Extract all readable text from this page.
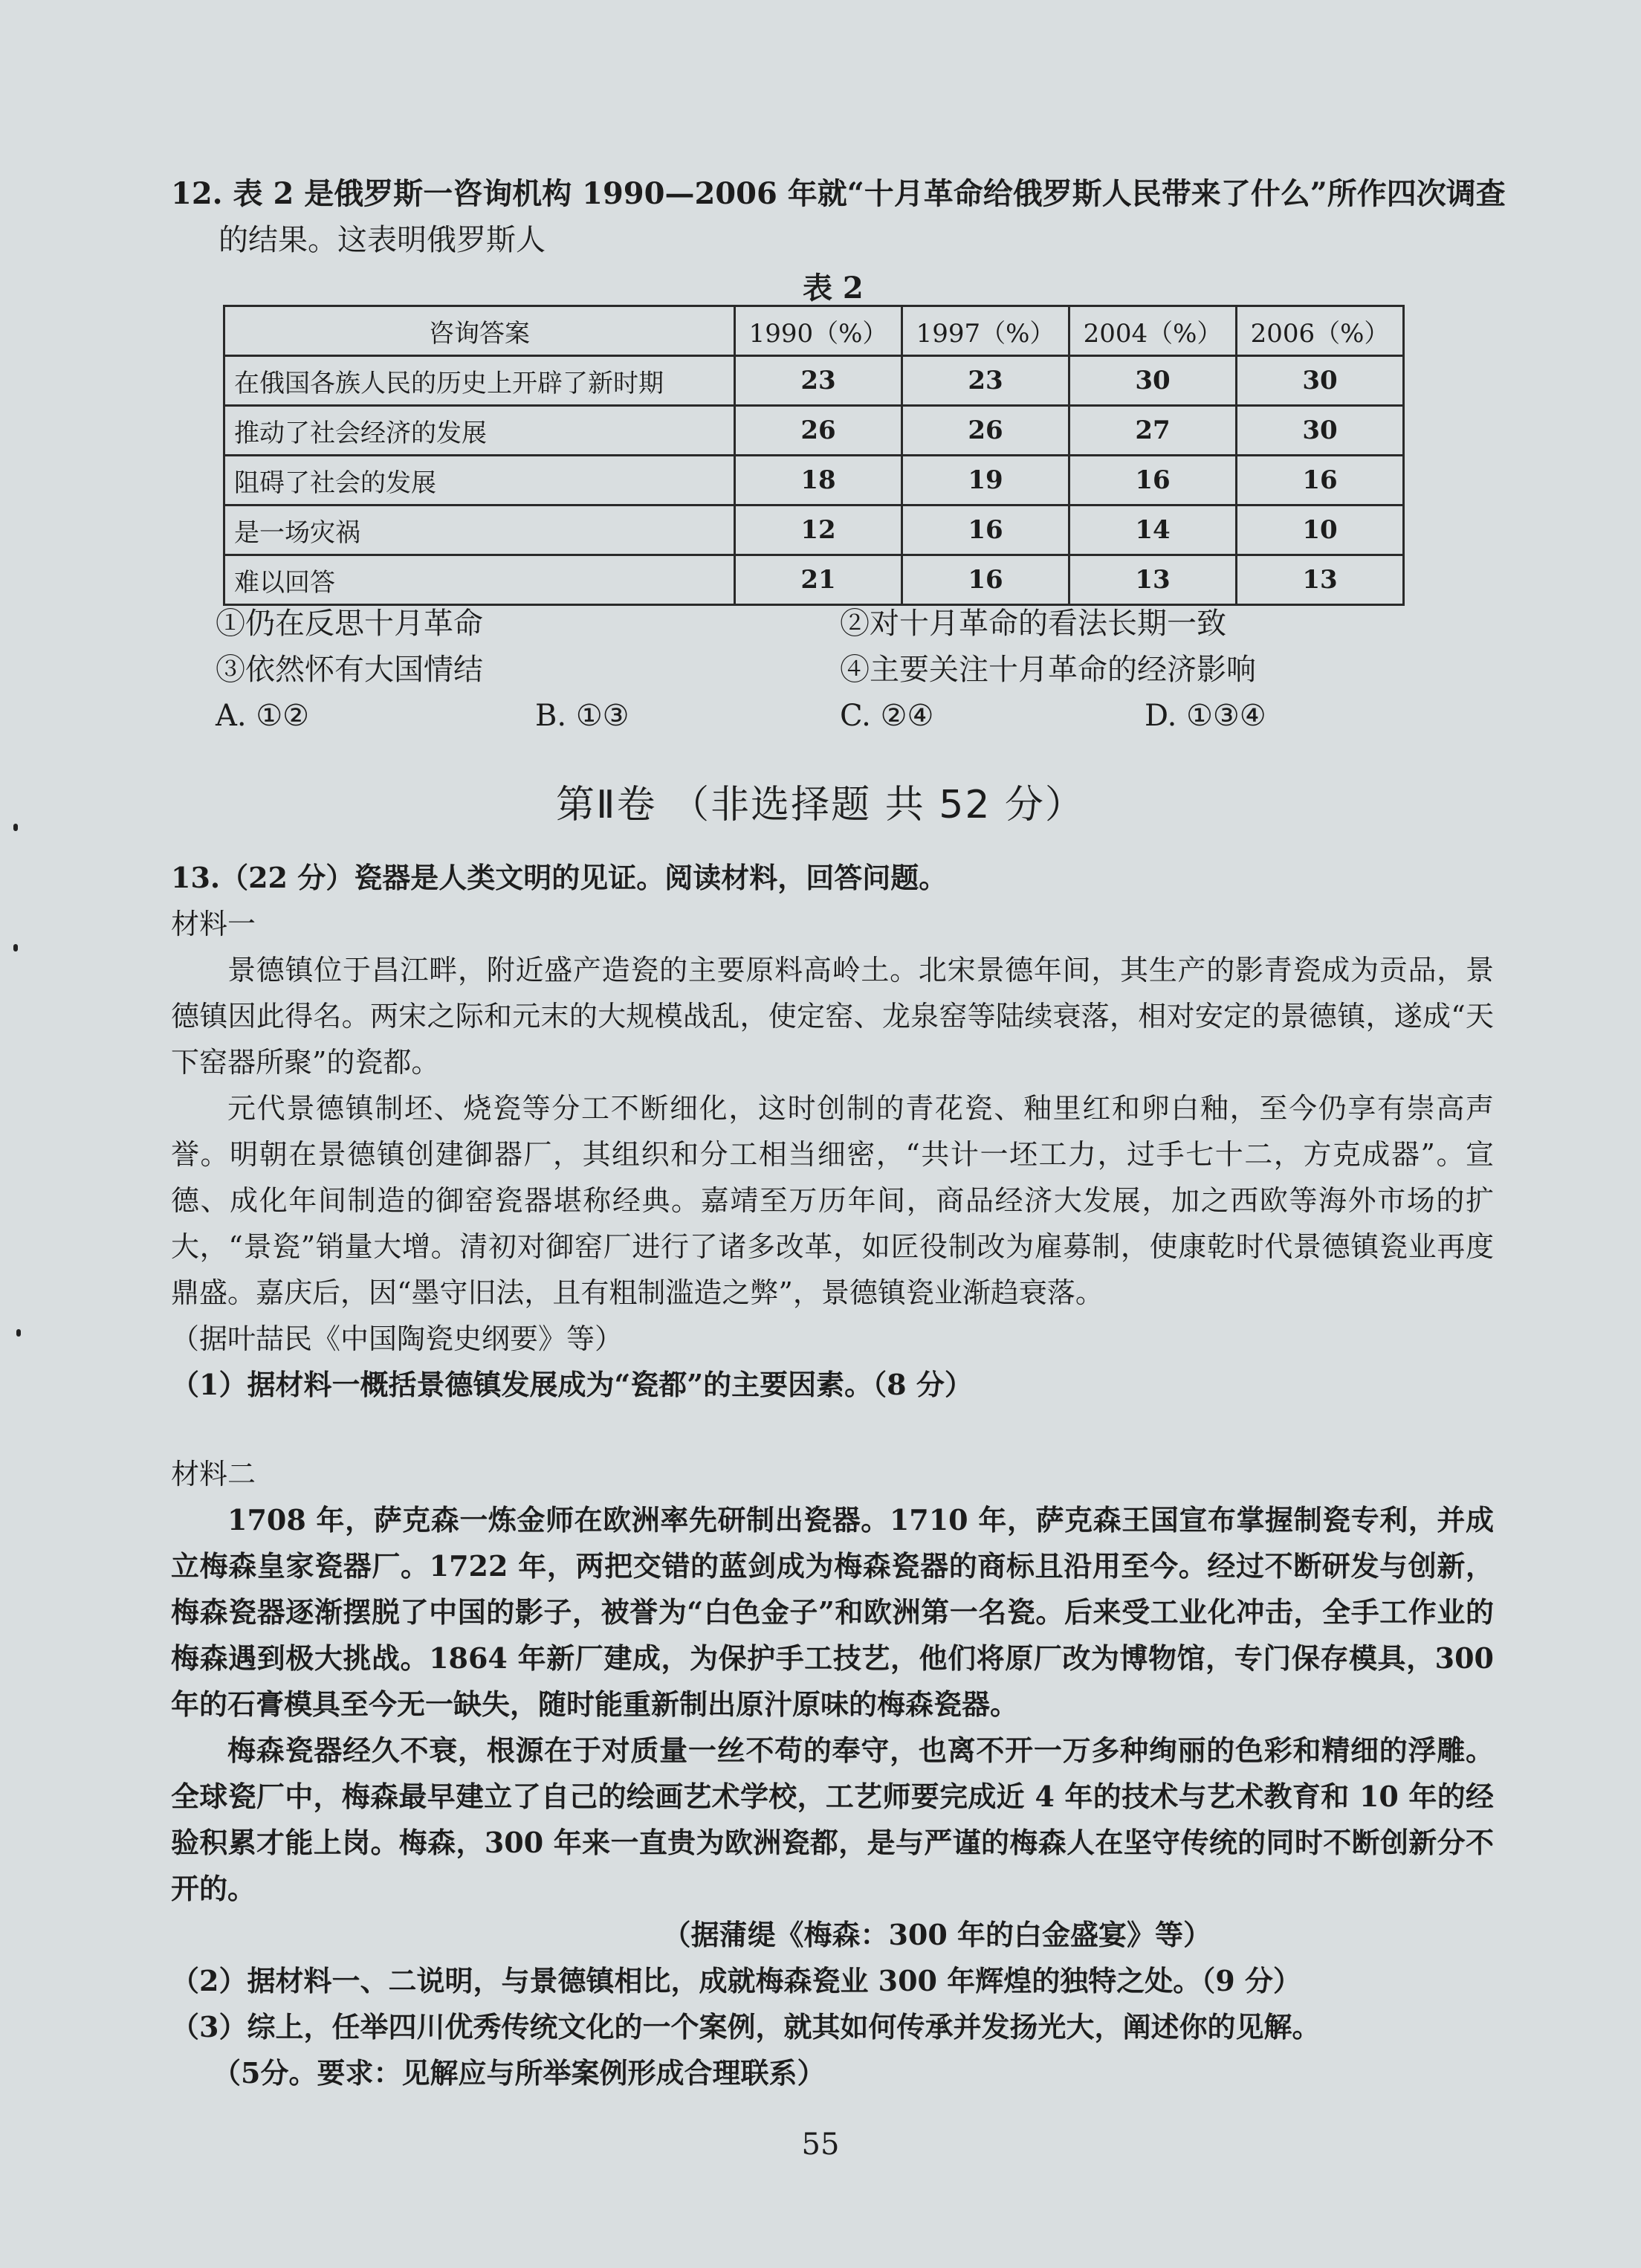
12. 表 2 是俄罗斯一咨询机构 1990—2006 年就“十月革命给俄罗斯人民带来了什么”所作四次调查
的结果。这表明俄罗斯人
表 2
咨询答案	1990（%）	1997（%）	2004（%）	2006（%）
在俄国各族人民的历史上开辟了新时期	23	23	30	30
推动了社会经济的发展	26	26	27	30
阻碍了社会的发展	18	19	16	16
是一场灾祸	12	16	14	10
难以回答	21	16	13	13
①仍在反思十月革命	②对十月革命的看法长期一致
③依然怀有大国情结	④主要关注十月革命的经济影响
A. ①②	B. ①③	C. ②④	D. ①③④
第Ⅱ卷 （非选择题 共 52 分）
13.（22 分）瓷器是人类文明的见证。阅读材料，回答问题。
材料一

景德镇位于昌江畔，附近盛产造瓷的主要原料高岭土。北宋景德年间，其生产的影青瓷成为贡品，景德镇因此得名。两宋之际和元末的大规模战乱，使定窑、龙泉窑等陆续衰落，相对安定的景德镇，遂成“天下窑器所聚”的瓷都。

元代景德镇制坯、烧瓷等分工不断细化，这时创制的青花瓷、釉里红和卵白釉，至今仍享有崇高声誉。明朝在景德镇创建御器厂，其组织和分工相当细密，“共计一坯工力，过手七十二，方克成器”。宣德、成化年间制造的御窑瓷器堪称经典。嘉靖至万历年间，商品经济大发展，加之西欧等海外市场的扩大，“景瓷”销量大增。清初对御窑厂进行了诸多改革，如匠役制改为雇募制，使康乾时代景德镇瓷业再度鼎盛。嘉庆后，因“墨守旧法，且有粗制滥造之弊”，景德镇瓷业渐趋衰落。

（据叶喆民《中国陶瓷史纲要》等）
（1）据材料一概括景德镇发展成为“瓷都”的主要因素。（8 分）
材料二

1708 年，萨克森一炼金师在欧洲率先研制出瓷器。1710 年，萨克森王国宣布掌握制瓷专利，并成立梅森皇家瓷器厂。1722 年，两把交错的蓝剑成为梅森瓷器的商标且沿用至今。经过不断研发与创新，梅森瓷器逐渐摆脱了中国的影子，被誉为“白色金子”和欧洲第一名瓷。后来受工业化冲击，全手工作业的梅森遇到极大挑战。1864 年新厂建成，为保护手工技艺，他们将原厂改为博物馆，专门保存模具，300 年的石膏模具至今无一缺失，随时能重新制出原汁原味的梅森瓷器。

梅森瓷器经久不衰，根源在于对质量一丝不苟的奉守，也离不开一万多种绚丽的色彩和精细的浮雕。全球瓷厂中，梅森最早建立了自己的绘画艺术学校，工艺师要完成近 4 年的技术与艺术教育和 10 年的经验积累才能上岗。梅森，300 年来一直贵为欧洲瓷都，是与严谨的梅森人在坚守传统的同时不断创新分不开的。

（据蒲缇《梅森：300 年的白金盛宴》等）
（2）据材料一、二说明，与景德镇相比，成就梅森瓷业 300 年辉煌的独特之处。（9 分）
（3）综上，任举四川优秀传统文化的一个案例，就其如何传承并发扬光大，阐述你的见解。
（5分。要求：见解应与所举案例形成合理联系）
55
